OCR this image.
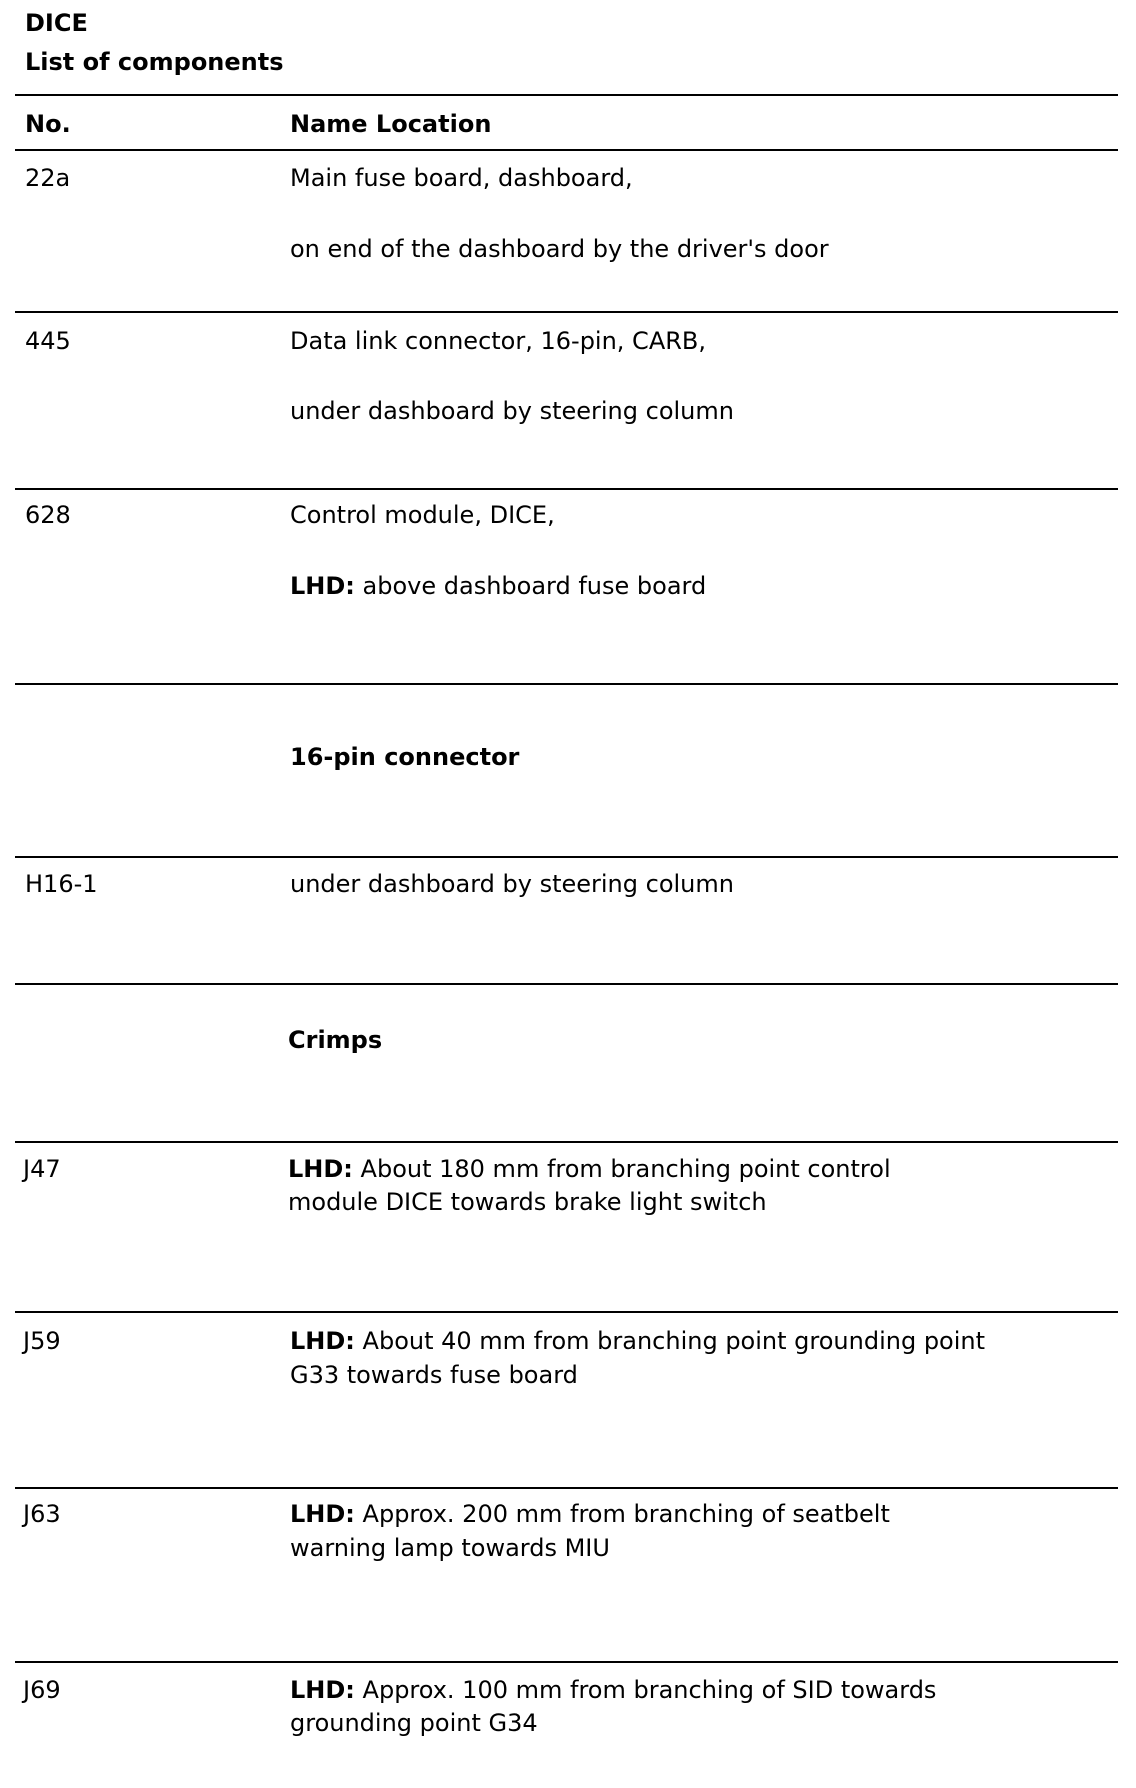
DICE
List of components
No.	Name Location
22a	Main fuse board, dashboard,
on end of the dashboard by the driver's door
445	Data link connector, 16-pin, CARB,
under dashboard by steering column
628	Control module, DICE,
LHD: above dashboard fuse board
16-pin connector
H16-1	under dashboard by steering column
Crimps
J47	LHD: About 180 mm from branching point control
module DICE towards brake light switch
J59	LHD: About 40 mm from branching point grounding point
G33 towards fuse board
J63	LHD: Approx. 200 mm from branching of seatbelt
warning lamp towards MIU
J69	LHD: Approx. 100 mm from branching of SID towards
grounding point G34
